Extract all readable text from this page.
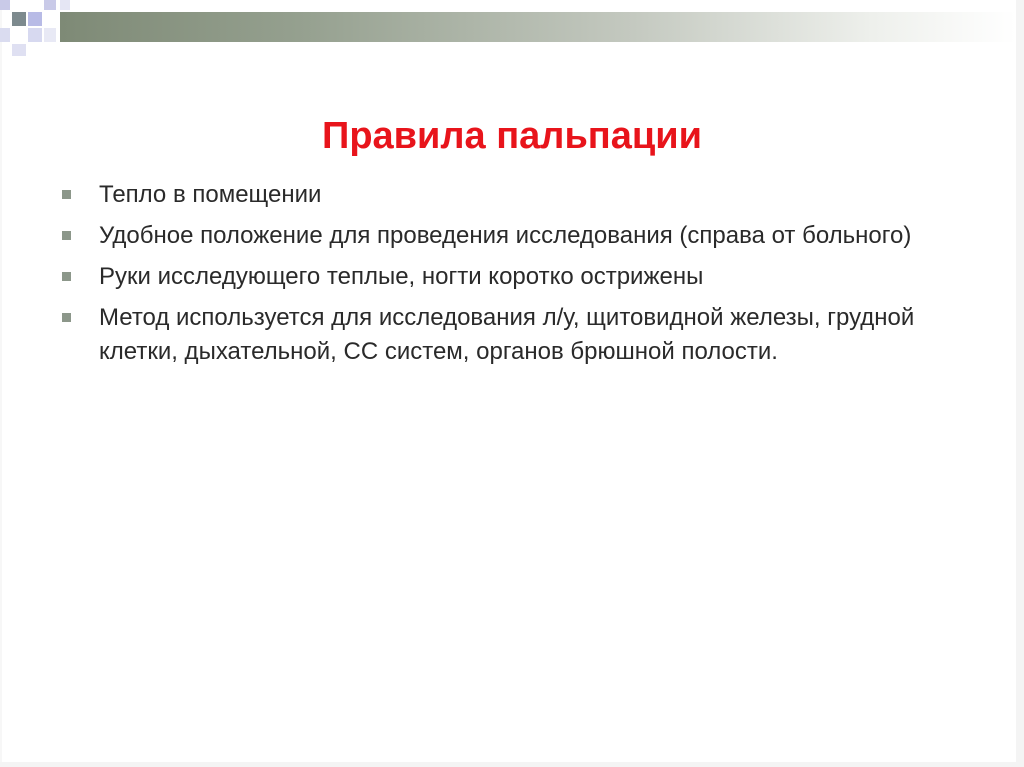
Правила пальпации
Тепло в помещении
Удобное положение для проведения исследования (справа от больного)
Руки исследующего теплые, ногти коротко острижены
Метод используется для исследования л/у, щитовидной железы, грудной клетки, дыхательной, СС систем, органов брюшной полости.
